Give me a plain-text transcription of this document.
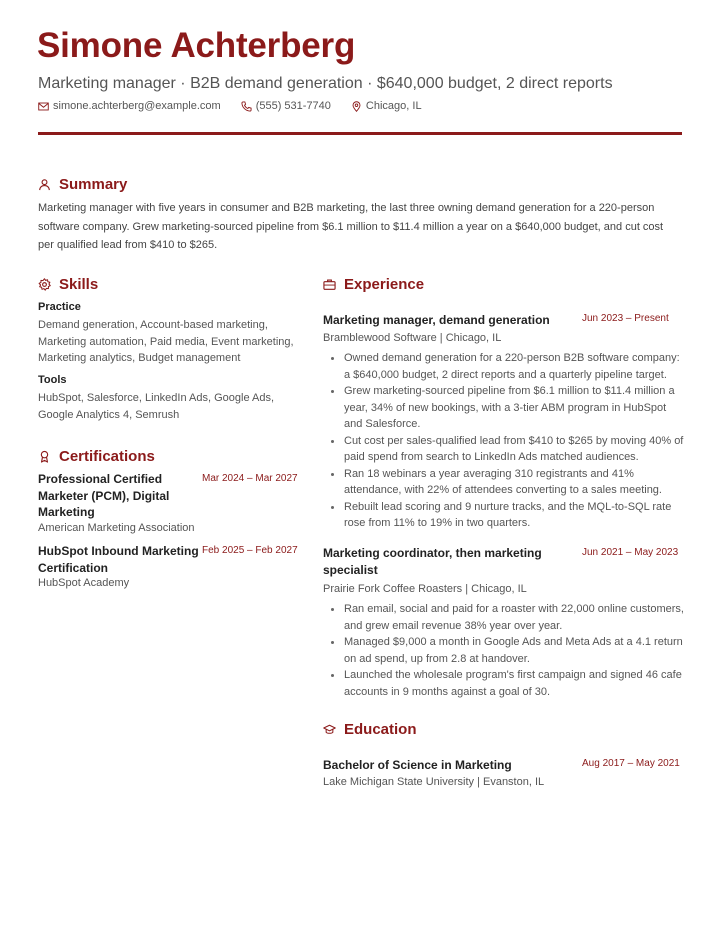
Simone Achterberg
Marketing manager · B2B demand generation · $640,000 budget, 2 direct reports
simone.achterberg@example.com	(555) 531-7740	Chicago, IL
Summary
Marketing manager with five years in consumer and B2B marketing, the last three owning demand generation for a 220-person software company. Grew marketing-sourced pipeline from $6.1 million to $11.4 million a year on a $640,000 budget, and cut cost per qualified lead from $410 to $265.
Skills
Practice
Demand generation, Account-based marketing, Marketing automation, Paid media, Event marketing, Marketing analytics, Budget management
Tools
HubSpot, Salesforce, LinkedIn Ads, Google Ads, Google Analytics 4, Semrush
Certifications
Professional Certified Marketer (PCM), Digital Marketing
Mar 2024 – Mar 2027
American Marketing Association
HubSpot Inbound Marketing Certification
Feb 2025 – Feb 2027
HubSpot Academy
Experience
Marketing manager, demand generation	Jun 2023 – Present
Bramblewood Software | Chicago, IL
Owned demand generation for a 220-person B2B software company: a $640,000 budget, 2 direct reports and a quarterly pipeline target.
Grew marketing-sourced pipeline from $6.1 million to $11.4 million a year, 34% of new bookings, with a 3-tier ABM program in HubSpot and Salesforce.
Cut cost per sales-qualified lead from $410 to $265 by moving 40% of paid spend from search to LinkedIn Ads matched audiences.
Ran 18 webinars a year averaging 310 registrants and 41% attendance, with 22% of attendees converting to a sales meeting.
Rebuilt lead scoring and 9 nurture tracks, and the MQL-to-SQL rate rose from 11% to 19% in two quarters.
Marketing coordinator, then marketing specialist
Jun 2021 – May 2023
Prairie Fork Coffee Roasters | Chicago, IL
Ran email, social and paid for a roaster with 22,000 online customers, and grew email revenue 38% year over year.
Managed $9,000 a month in Google Ads and Meta Ads at a 4.1 return on ad spend, up from 2.8 at handover.
Launched the wholesale program's first campaign and signed 46 cafe accounts in 9 months against a goal of 30.
Education
Bachelor of Science in Marketing	Aug 2017 – May 2021
Lake Michigan State University | Evanston, IL
